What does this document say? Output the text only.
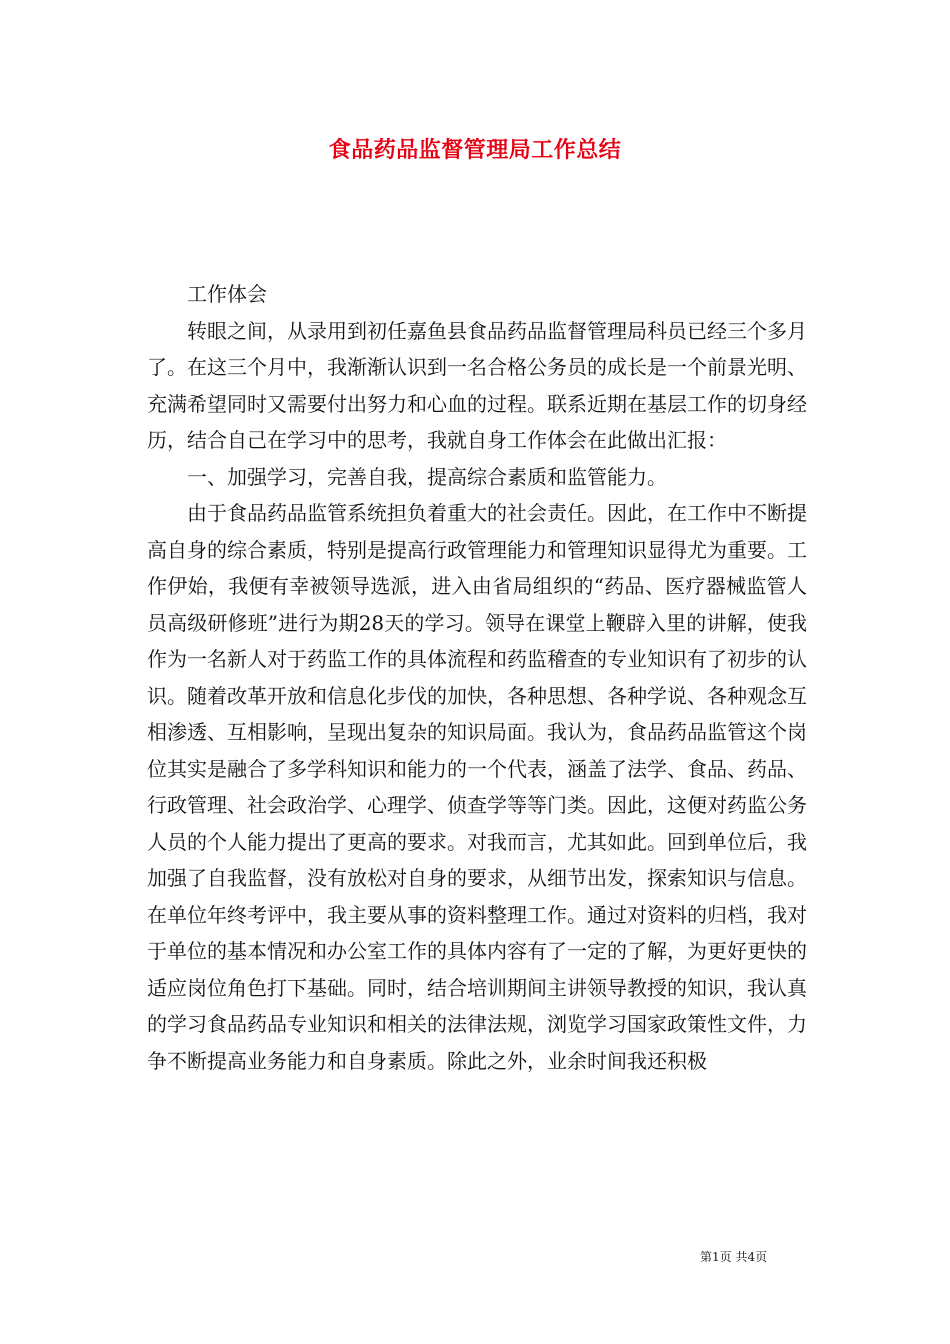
食品药品监督管理局工作总结

工作体会

转眼之间，从录用到初任嘉鱼县食品药品监督管理局科员已经三个多月了。在这三个月中，我渐渐认识到一名合格公务员的成长是一个前景光明、充满希望同时又需要付出努力和心血的过程。联系近期在基层工作的切身经历，结合自己在学习中的思考，我就自身工作体会在此做出汇报：

一、加强学习，完善自我，提高综合素质和监管能力。

由于食品药品监管系统担负着重大的社会责任。因此，在工作中不断提高自身的综合素质，特别是提高行政管理能力和管理知识显得尤为重要。工作伊始，我便有幸被领导选派，进入由省局组织的“药品、医疗器械监管人员高级研修班”进行为期28天的学习。领导在课堂上鞭辟入里的讲解，使我作为一名新人对于药监工作的具体流程和药监稽查的专业知识有了初步的认识。随着改革开放和信息化步伐的加快，各种思想、各种学说、各种观念互相渗透、互相影响，呈现出复杂的知识局面。我认为，食品药品监管这个岗位其实是融合了多学科知识和能力的一个代表，涵盖了法学、食品、药品、行政管理、社会政治学、心理学、侦查学等等门类。因此，这便对药监公务人员的个人能力提出了更高的要求。对我而言，尤其如此。回到单位后，我加强了自我监督，没有放松对自身的要求，从细节出发，探索知识与信息。在单位年终考评中，我主要从事的资料整理工作。通过对资料的归档，我对于单位的基本情况和办公室工作的具体内容有了一定的了解，为更好更快的适应岗位角色打下基础。同时，结合培训期间主讲领导教授的知识，我认真的学习食品药品专业知识和相关的法律法规，浏览学习国家政策性文件，力争不断提高业务能力和自身素质。除此之外，业余时间我还积极

第1页 共4页
